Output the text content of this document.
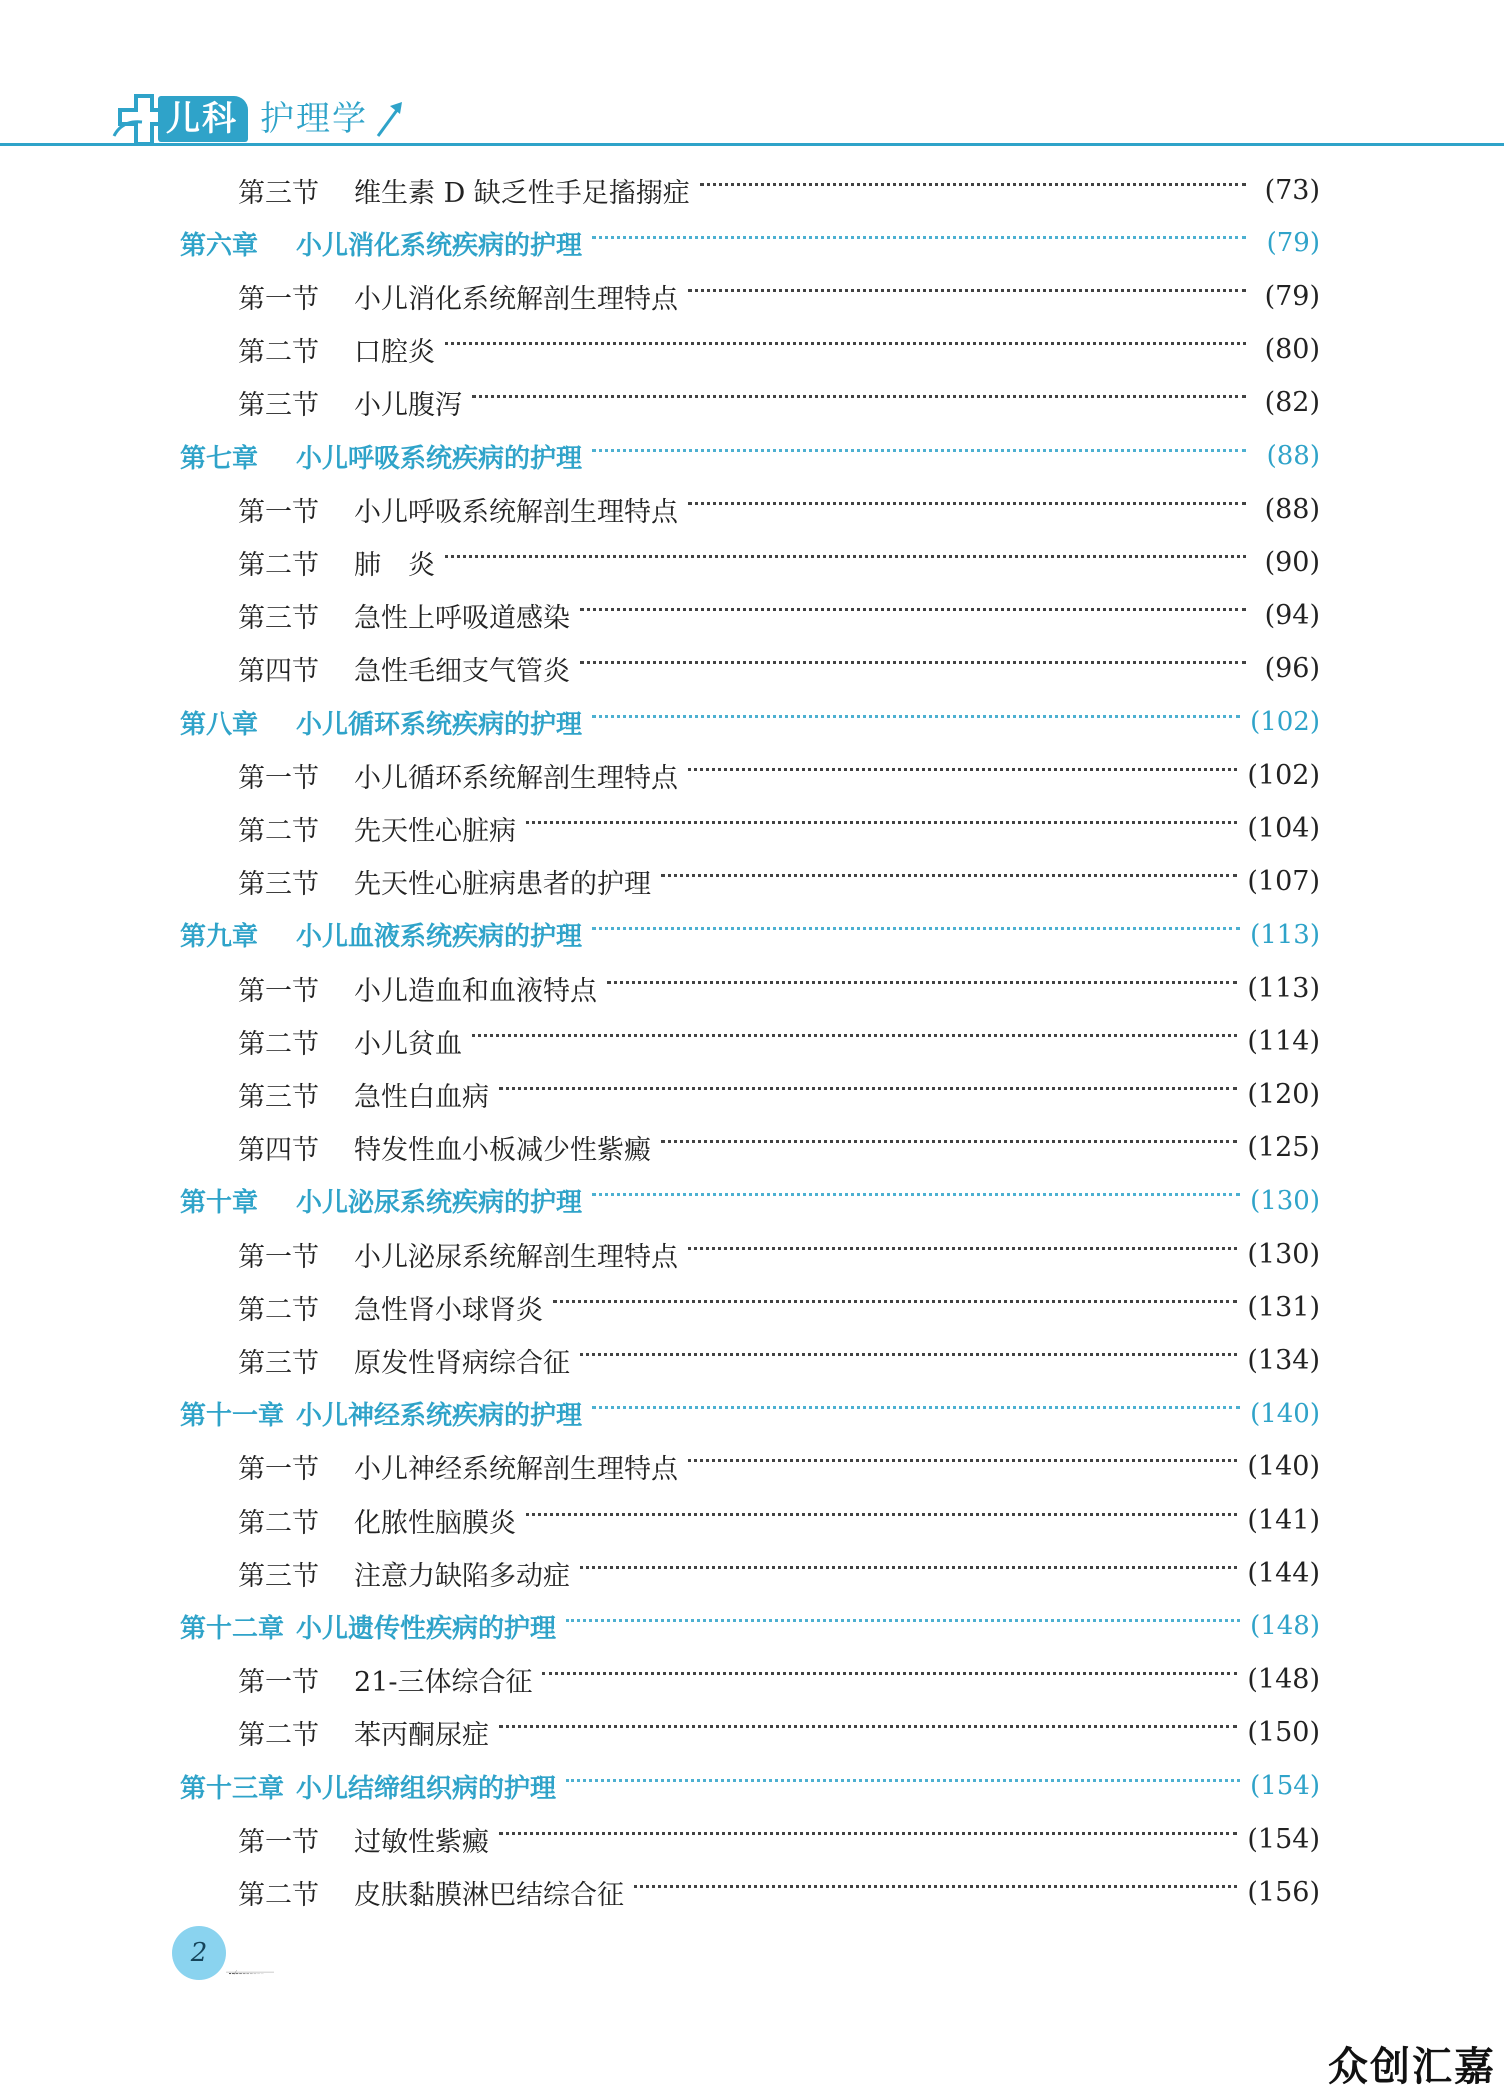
儿科 护理学
第三节	维生素 D 缺乏性手足搐搦症	(73)
第六章	小儿消化系统疾病的护理	(79)
第一节	小儿消化系统解剖生理特点	(79)
第二节	口腔炎	(80)
第三节	小儿腹泻	(82)
第七章	小儿呼吸系统疾病的护理	(88)
第一节	小儿呼吸系统解剖生理特点	(88)
第二节	肺　炎	(90)
第三节	急性上呼吸道感染	(94)
第四节	急性毛细支气管炎	(96)
第八章	小儿循环系统疾病的护理	(102)
第一节	小儿循环系统解剖生理特点	(102)
第二节	先天性心脏病	(104)
第三节	先天性心脏病患者的护理	(107)
第九章	小儿血液系统疾病的护理	(113)
第一节	小儿造血和血液特点	(113)
第二节	小儿贫血	(114)
第三节	急性白血病	(120)
第四节	特发性血小板减少性紫癜	(125)
第十章	小儿泌尿系统疾病的护理	(130)
第一节	小儿泌尿系统解剖生理特点	(130)
第二节	急性肾小球肾炎	(131)
第三节	原发性肾病综合征	(134)
第十一章 小儿神经系统疾病的护理	(140)
第一节	小儿神经系统解剖生理特点	(140)
第二节	化脓性脑膜炎	(141)
第三节	注意力缺陷多动症	(144)
第十二章 小儿遗传性疾病的护理	(148)
第一节	21-三体综合征	(148)
第二节	苯丙酮尿症	(150)
第十三章 小儿结缔组织病的护理	(154)
第一节	过敏性紫癜	(154)
第二节	皮肤黏膜淋巴结综合征	(156)
2
众创汇嘉
